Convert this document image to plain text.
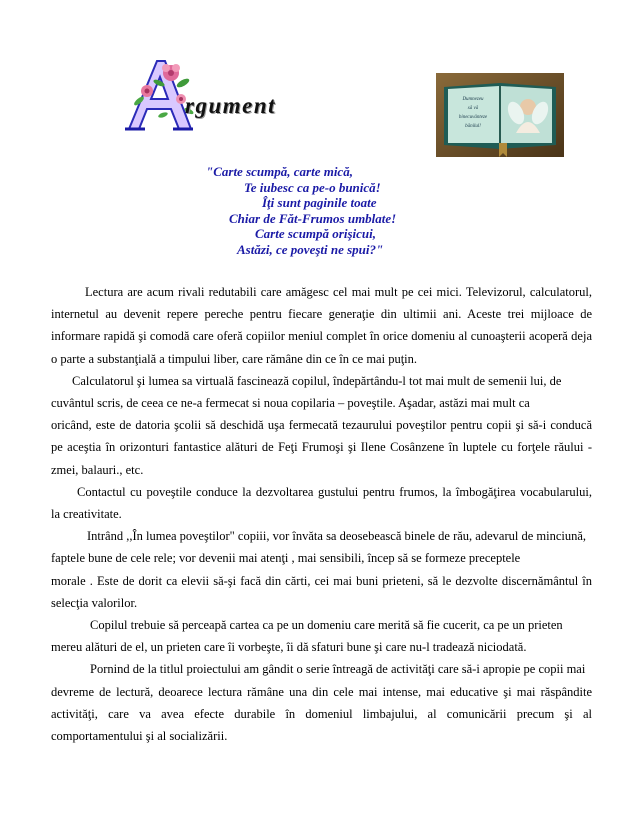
rgument	Dumnezeu
să vă
binecuvânteze
bănilul!
"Carte scumpă, carte mică,
Te iubesc ca pe-o bunică!
Îţi sunt paginile toate
Chiar de Făt-Frumos umblate!
Carte scumpă orişicui,
Astăzi, ce poveşti ne spui?"
Lectura are acum rivali redutabili care amăgesc cel mai mult pe cei mici. Televizorul, calculatorul,
internetul au devenit repere pereche pentru fiecare generaţie din ultimii ani. Aceste trei mijloace de
informare rapidă şi comodă care oferă copiilor meniul complet în orice domeniu al cunoaşterii acoperă deja
o parte a substanţială a timpului liber, care rămâne din ce în ce mai puţin.
Calculatorul şi lumea sa virtuală fascinează copilul, îndepărtându-l tot mai mult de semenii lui, de
cuvântul scris, de ceea ce ne-a fermecat si noua copilaria – poveştile. Aşadar, astăzi mai mult ca
oricând, este de datoria şcolii să deschidă uşa fermecată tezaurului poveştilor pentru copii şi să-i conducă
pe aceştia în orizonturi fantastice alături de Feţi Frumoşi şi Ilene Cosânzene în luptele cu forţele răului -
zmei, balauri., etc.
Contactul cu poveştile conduce la dezvoltarea gustului pentru frumos, la îmbogăţirea vocabularului,
la creativitate.
Intrând ,,În lumea poveştilor" copiii, vor învăta sa deosebească binele de rău, adevarul de minciună,
faptele bune de cele rele; vor devenii mai atenţi , mai sensibili, încep să se formeze preceptele
morale . Este de dorit ca elevii să-şi facă din cărti, cei mai buni prieteni, să le dezvolte discernământul în
selecţia valorilor.
Copilul trebuie să perceapă cartea ca pe un domeniu care merită să fie cucerit, ca pe un prieten
mereu alături de el, un prieten care îi vorbeşte, îi dă sfaturi bune şi care nu-l tradează niciodată.
Pornind de la titlul proiectului am gândit o serie întreagă de activităţi care să-i apropie pe copii mai
devreme de lectură, deoarece lectura rămâne una din cele mai intense, mai educative şi mai răspândite
activităţi, care va avea efecte durabile în domeniul limbajului, al comunicării precum şi al
comportamentului şi al socializării.
